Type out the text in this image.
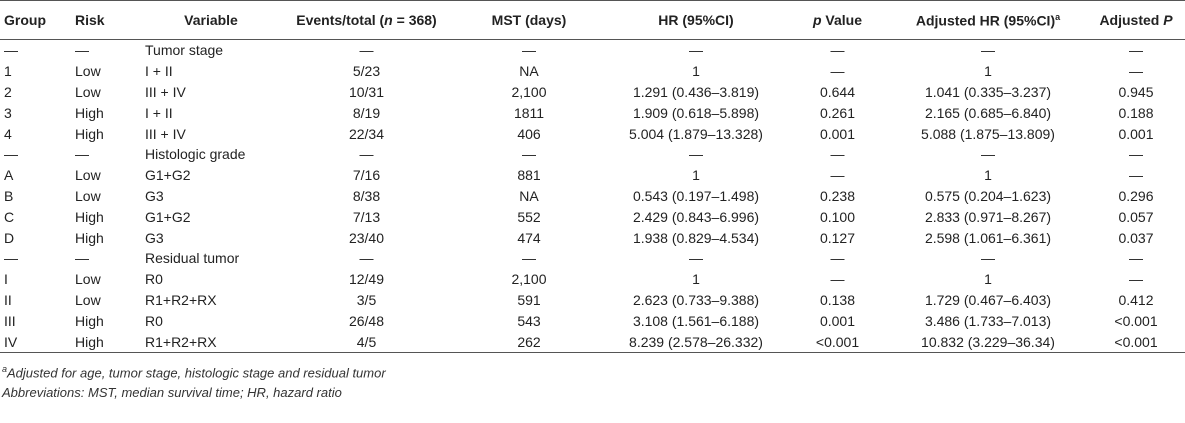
Group	Risk	Variable	Events/total (n = 368)	MST (days)	HR (95%CI)	p Value	Adjusted HR $(95\%CI)^a$	Adjusted P
—	—	Tumor stage	—	—	—	—	—	—
1	Low	I + II	5/23	NA	1	—	1	—
2	Low	III + IV	10/31	2,100	1.291 (0.436–3.819)	0.644	1.041 (0.335–3.237)	0.945
3	High	I + II	8/19	1811	1.909 (0.618–5.898)	0.261	2.165 (0.685–6.840)	0.188
4	High	III + IV	22/34	406	5.004 (1.879–13.328)	0.001	5.088 (1.875–13.809)	0.001
—	—	Histologic grade	—	—	—	—	—	—
A	Low	G1+G2	7/16	881	1	—	1	—
B	Low	G3	8/38	NA	0.543 (0.197–1.498)	0.238	0.575 (0.204–1.623)	0.296
C	High	G1+G2	7/13	552	2.429 (0.843–6.996)	0.100	2.833 (0.971–8.267)	0.057
D	High	G3	23/40	474	1.938 (0.829–4.534)	0.127	2.598 (1.061–6.361)	0.037
—	—	Residual tumor	—	—	—	—	—	—
I	Low	R0	12/49	2,100	1	—	1	—
II	Low	R1+R2+RX	3/5	591	2.623 (0.733–9.388)	0.138	1.729 (0.467–6.403)	0.412
III	High	R0	26/48	543	3.108 (1.561–6.188)	0.001	3.486 (1.733–7.013)	<0.001
IV	High	R1+R2+RX	4/5	262	8.239 (2.578–26.332)	<0.001	10.832 (3.229–36.34)	<0.001
$^a$Adjusted for age, tumor stage, histologic stage and residual tumor
Abbreviations: MST, median survival time; HR, hazard ratio
